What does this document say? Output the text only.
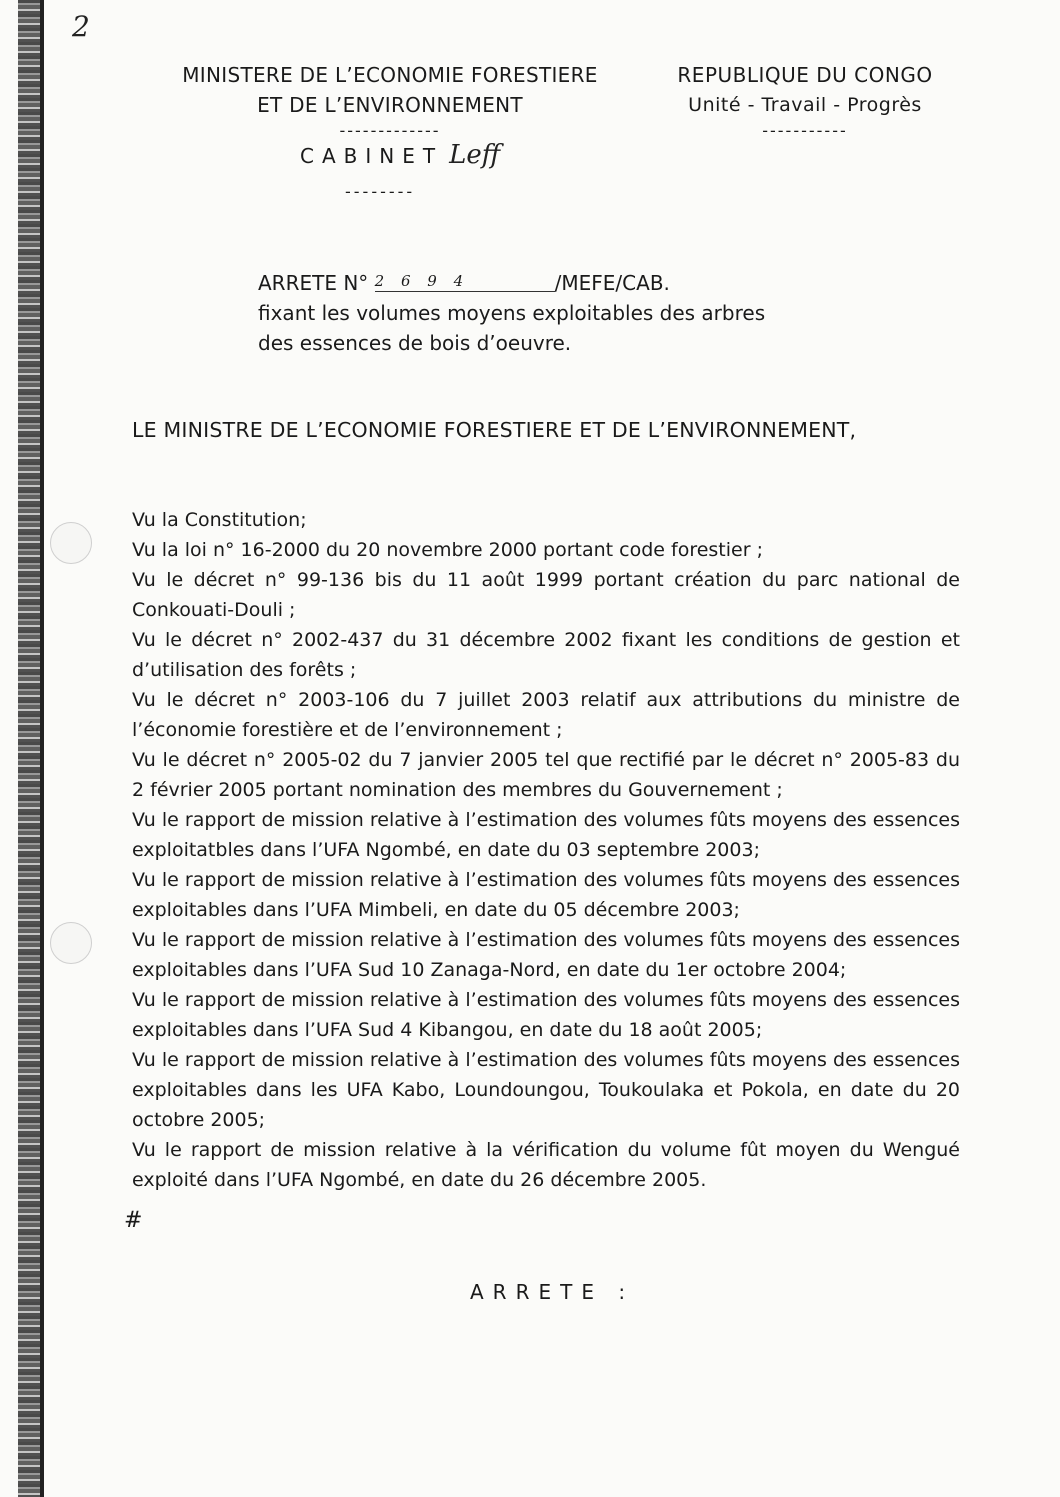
2
MINISTERE DE L’ECONOMIE FORESTIERE
ET DE L’ENVIRONNEMENT
-------------
REPUBLIQUE DU CONGO
Unité - Travail - Progrès
-----------
CABINET Leff
--------
ARRETE N° 2 6 9 4	/MEFE/CAB.
fixant les volumes moyens exploitables des arbres
des essences de bois d’oeuvre.
LE MINISTRE DE L’ECONOMIE FORESTIERE ET DE L’ENVIRONNEMENT,

Vu la Constitution;

Vu la loi n° 16-2000 du 20 novembre 2000 portant code forestier ;

Vu le décret n° 99-136 bis du 11 août 1999 portant création du parc national de Conkouati-Douli ;

Vu le décret n° 2002-437 du 31 décembre 2002 fixant les conditions de gestion et d’utilisation des forêts ;

Vu le décret n° 2003-106 du 7 juillet 2003 relatif aux attributions du ministre de l’économie forestière et de l’environnement ;

Vu le décret n° 2005-02 du 7 janvier 2005 tel que rectifié par le décret n° 2005-83 du 2 février 2005 portant nomination des membres du Gouvernement ;

Vu le rapport de mission relative à l’estimation des volumes fûts moyens des essences exploitatbles dans l’UFA Ngombé, en date du 03 septembre 2003;

Vu le rapport de mission relative à l’estimation des volumes fûts moyens des essences exploitables dans l’UFA Mimbeli, en date du 05 décembre 2003;

Vu le rapport de mission relative à l’estimation des volumes fûts moyens des essences exploitables dans l’UFA Sud 10 Zanaga-Nord, en date du 1er octobre 2004;

Vu le rapport de mission relative à l’estimation des volumes fûts moyens des essences exploitables dans l’UFA Sud 4 Kibangou, en date du 18 août 2005;

Vu le rapport de mission relative à l’estimation des volumes fûts moyens des essences exploitables dans les UFA Kabo, Loundoungou, Toukoulaka et Pokola, en date du 20 octobre 2005;

Vu le rapport de mission relative à la vérification du volume fût moyen du Wengué exploité dans l’UFA Ngombé, en date du 26 décembre 2005.

#
ARRETE :
